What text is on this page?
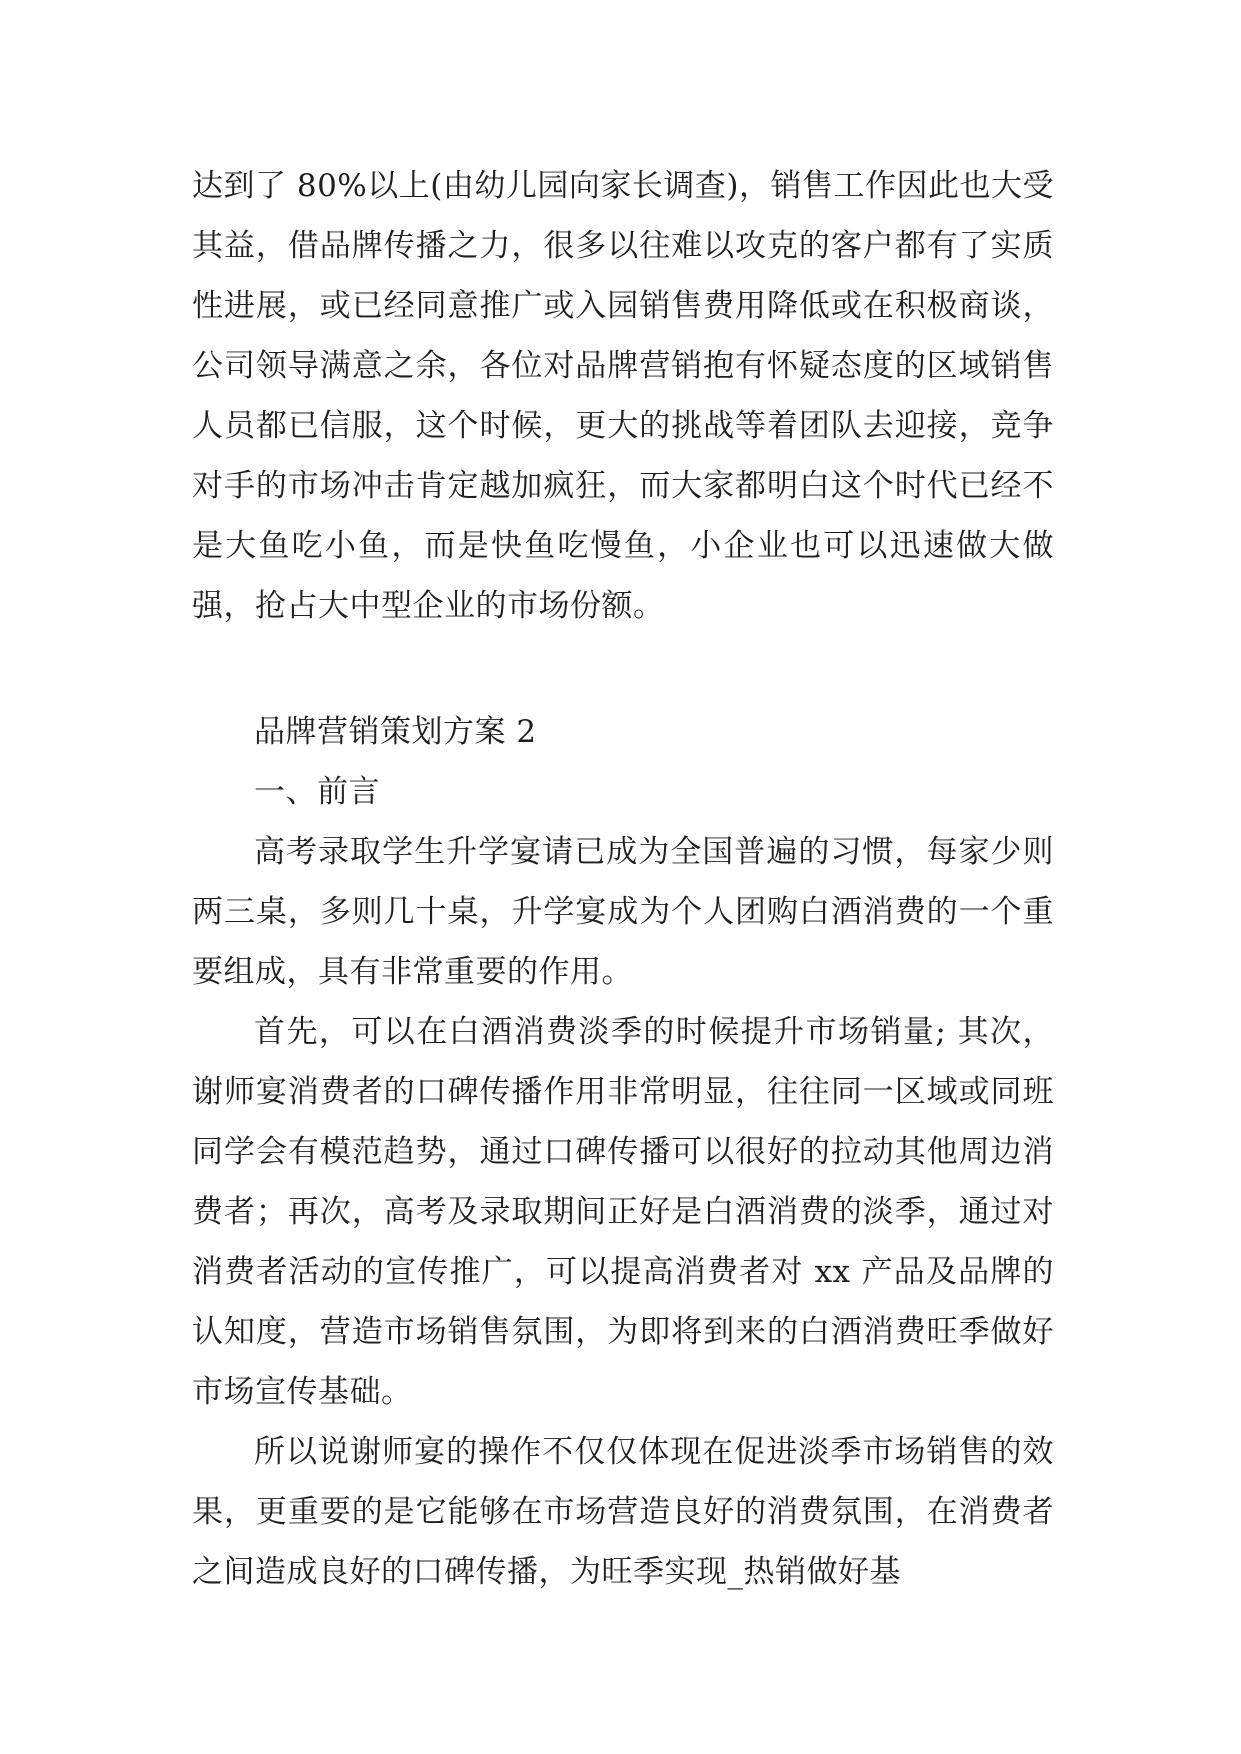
达到了 80%以上(由幼儿园向家长调查)，销售工作因此也大受其益，借品牌传播之力，很多以往难以攻克的客户都有了实质性进展，或已经同意推广或入园销售费用降低或在积极商谈，公司领导满意之余，各位对品牌营销抱有怀疑态度的区域销售人员都已信服，这个时候，更大的挑战等着团队去迎接，竞争对手的市场冲击肯定越加疯狂，而大家都明白这个时代已经不是大鱼吃小鱼，而是快鱼吃慢鱼，小企业也可以迅速做大做强，抢占大中型企业的市场份额。

品牌营销策划方案 2

一、前言

高考录取学生升学宴请已成为全国普遍的习惯，每家少则两三桌，多则几十桌，升学宴成为个人团购白酒消费的一个重要组成，具有非常重要的作用。

首先，可以在白酒消费淡季的时候提升市场销量; 其次，谢师宴消费者的口碑传播作用非常明显，往往同一区域或同班同学会有模范趋势，通过口碑传播可以很好的拉动其他周边消费者；再次，高考及录取期间正好是白酒消费的淡季，通过对消费者活动的宣传推广，可以提高消费者对 xx 产品及品牌的认知度，营造市场销售氛围，为即将到来的白酒消费旺季做好市场宣传基础。

所以说谢师宴的操作不仅仅体现在促进淡季市场销售的效果，更重要的是它能够在市场营造良好的消费氛围，在消费者之间造成良好的口碑传播，为旺季实现_热销做好基
